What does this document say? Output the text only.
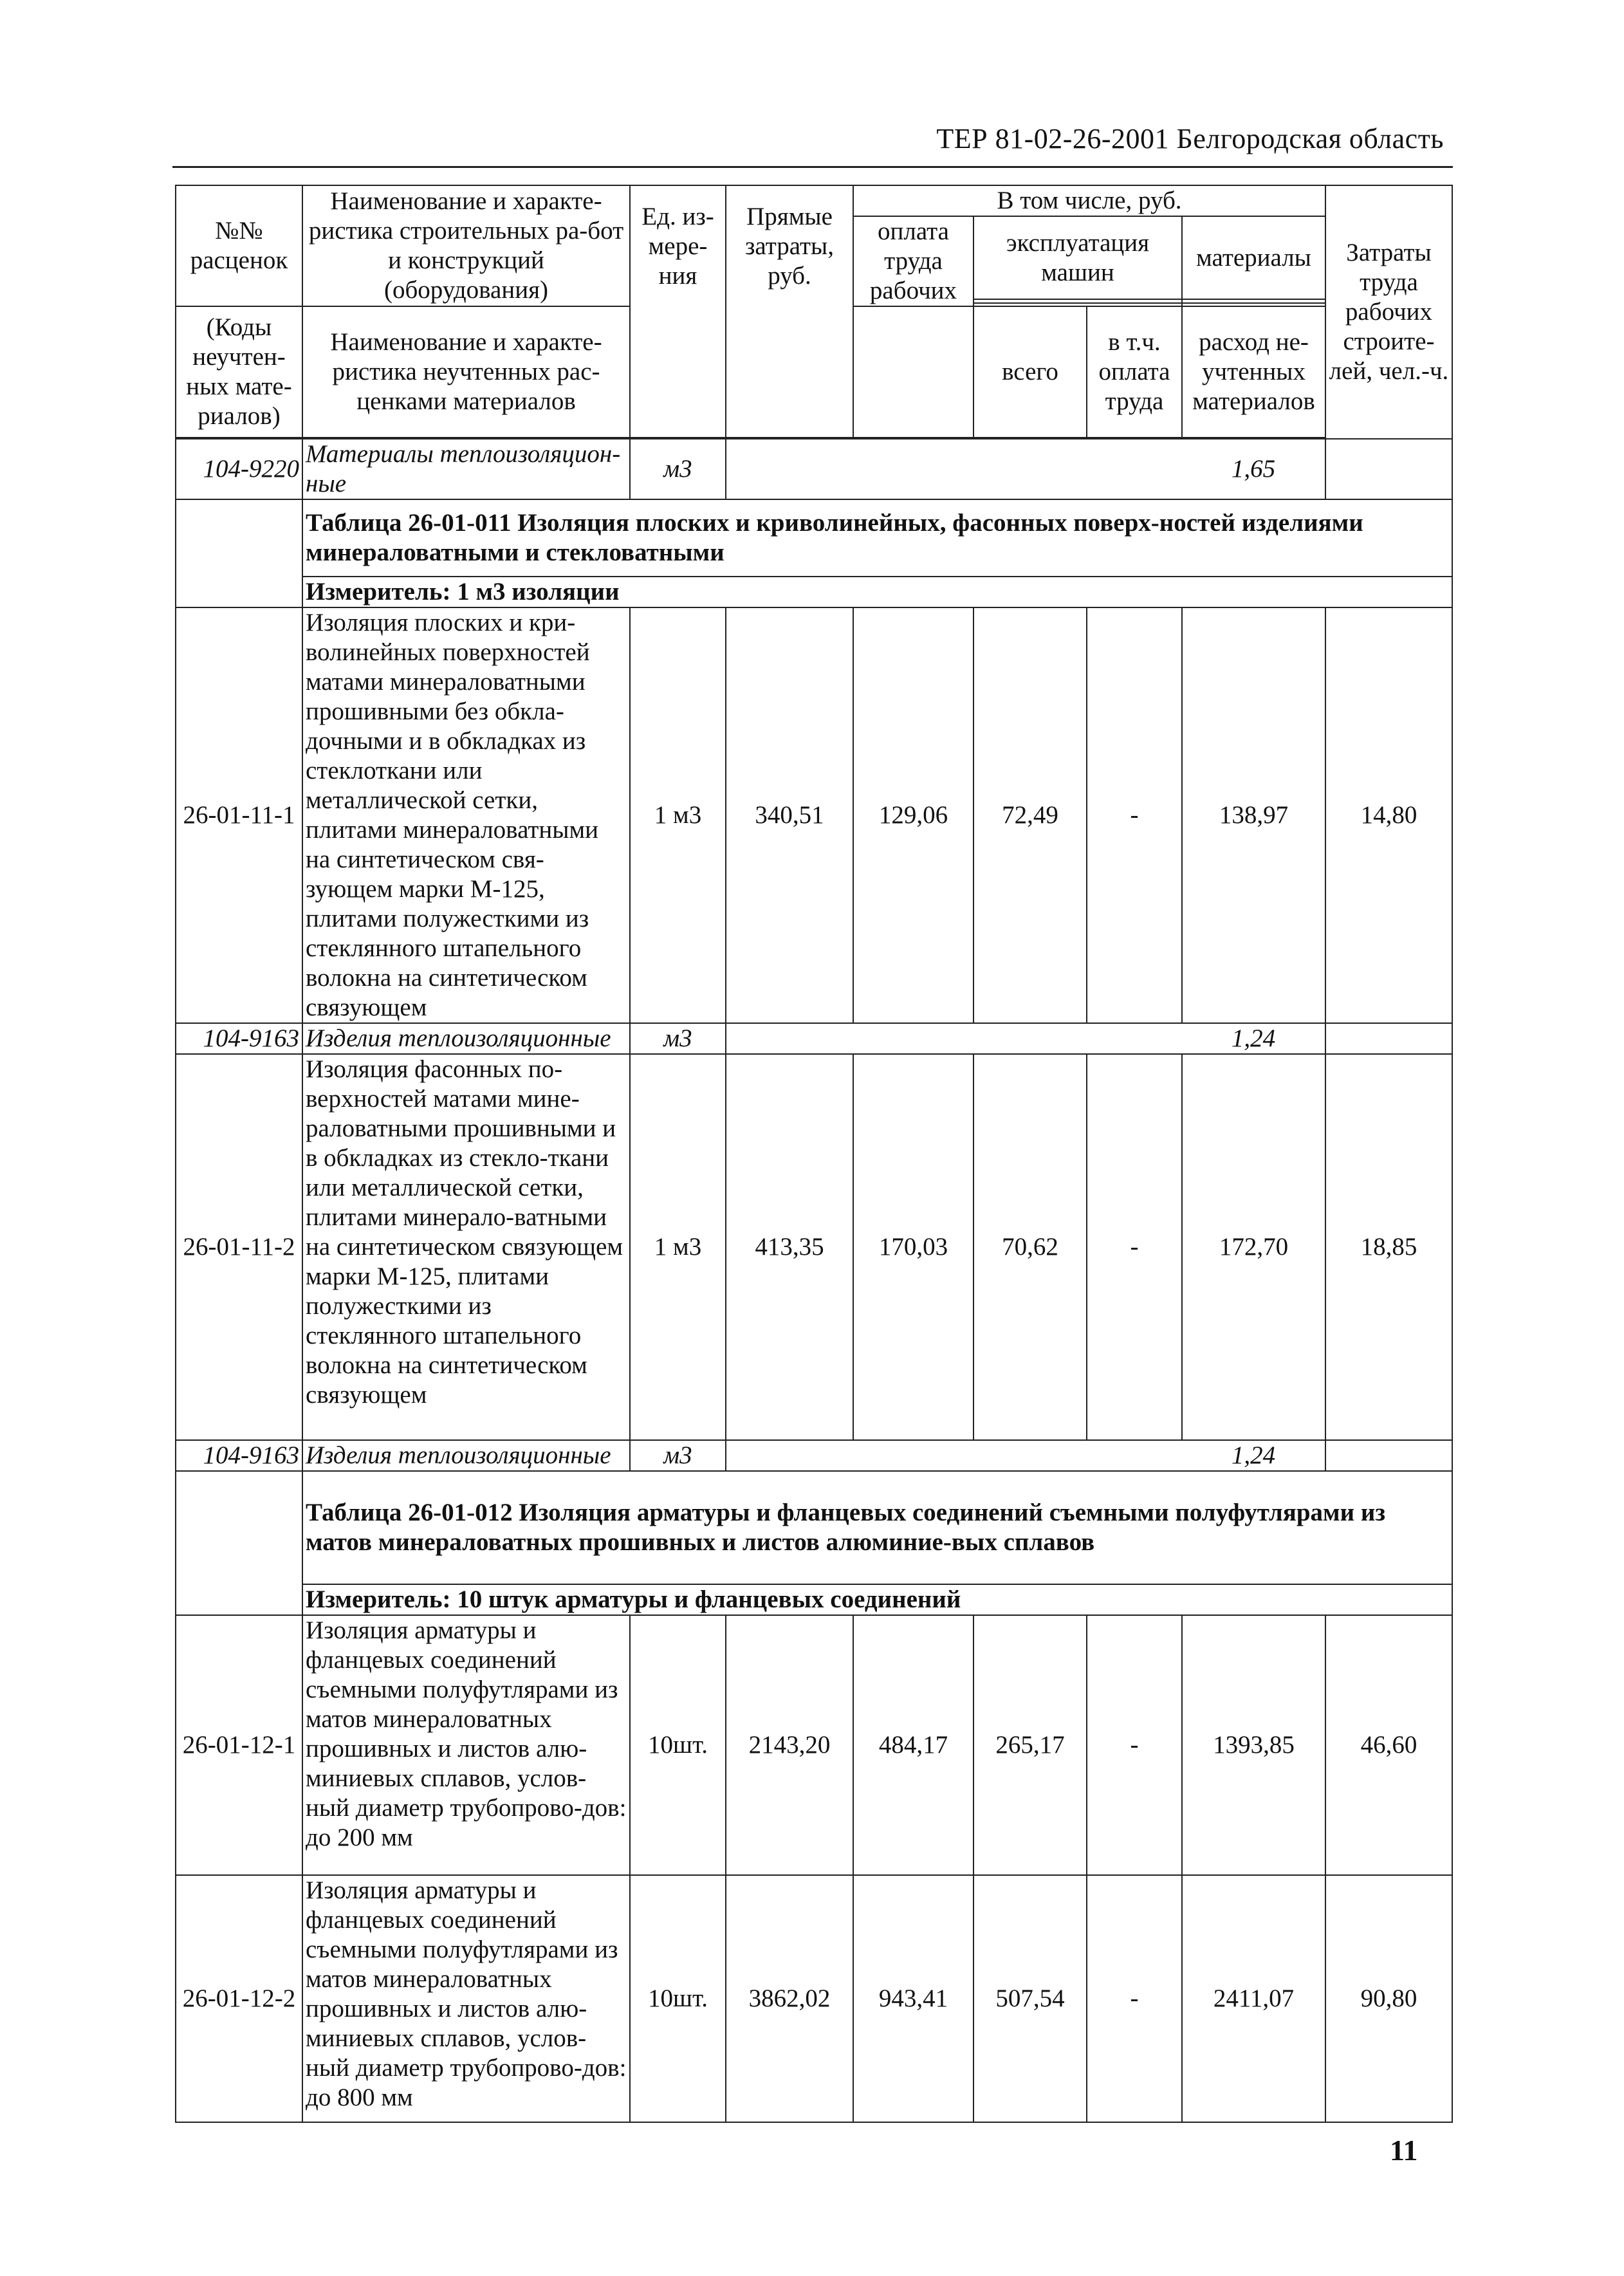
ТЕР 81-02-26-2001 Белгородская область
№№ расценок	Наименование и характе-ристика строительных ра-бот и конструкций (оборудования)	Ед. из-мере-ния	Прямые затраты, руб.	В том числе, руб.				Затраты труда рабочих строите-лей, чел.-ч.
				оплата труда рабочих	эксплуатация машин		материалы	

(Коды неучтен-ных мате-риалов)	Наименование и характе-ристика неучтенных рас-ценками материалов				всего	в т.ч. оплата труда	расход не-учтенных материалов	

104-9220	Материалы теплоизоляцион-ные	м3					1,65	
	Таблица 26-01-011 Изоляция плоских и криволинейных, фасонных поверх-ностей изделиями минераловатными и стекловатными							
	Измеритель: 1 м3 изоляции							
26-01-11-1	Изоляция плоских и кри-волинейных поверхностей матами минераловатными прошивными без обкла-дочными и в обкладках из стеклоткани или металлической сетки, плитами минераловатными на синтетическом свя-зующем марки М-125, плитами полужесткими из стеклянного штапельного волокна на синтетическом связующем	1 м3	340,51	129,06	72,49	-	138,97	14,80
104-9163	Изделия теплоизоляционные	м3					1,24	
26-01-11-2	Изоляция фасонных по-верхностей матами мине-раловатными прошивными и в обкладках из стекло-ткани или металлической сетки, плитами минерало-ватными на синтетическом связующем марки М-125, плитами полужесткими из стеклянного штапельного волокна на синтетическом связующем	1 м3	413,35	170,03	70,62	-	172,70	18,85
104-9163	Изделия теплоизоляционные	м3					1,24	
	Таблица 26-01-012 Изоляция арматуры и фланцевых соединений съемными полуфутлярами из матов минераловатных прошивных и листов алюминие-вых сплавов							
	Измеритель: 10 штук арматуры и фланцевых соединений							
26-01-12-1	Изоляция арматуры и фланцевых соединений съемными полуфутлярами из матов минераловатных прошивных и листов алю-миниевых сплавов, услов-ный диаметр трубопрово-дов: до 200 мм	10шт.	2143,20	484,17	265,17	-	1393,85	46,60
26-01-12-2	Изоляция арматуры и фланцевых соединений съемными полуфутлярами из матов минераловатных прошивных и листов алю-миниевых сплавов, услов-ный диаметр трубопрово-дов: до 800 мм	10шт.	3862,02	943,41	507,54	-	2411,07	90,80
11
